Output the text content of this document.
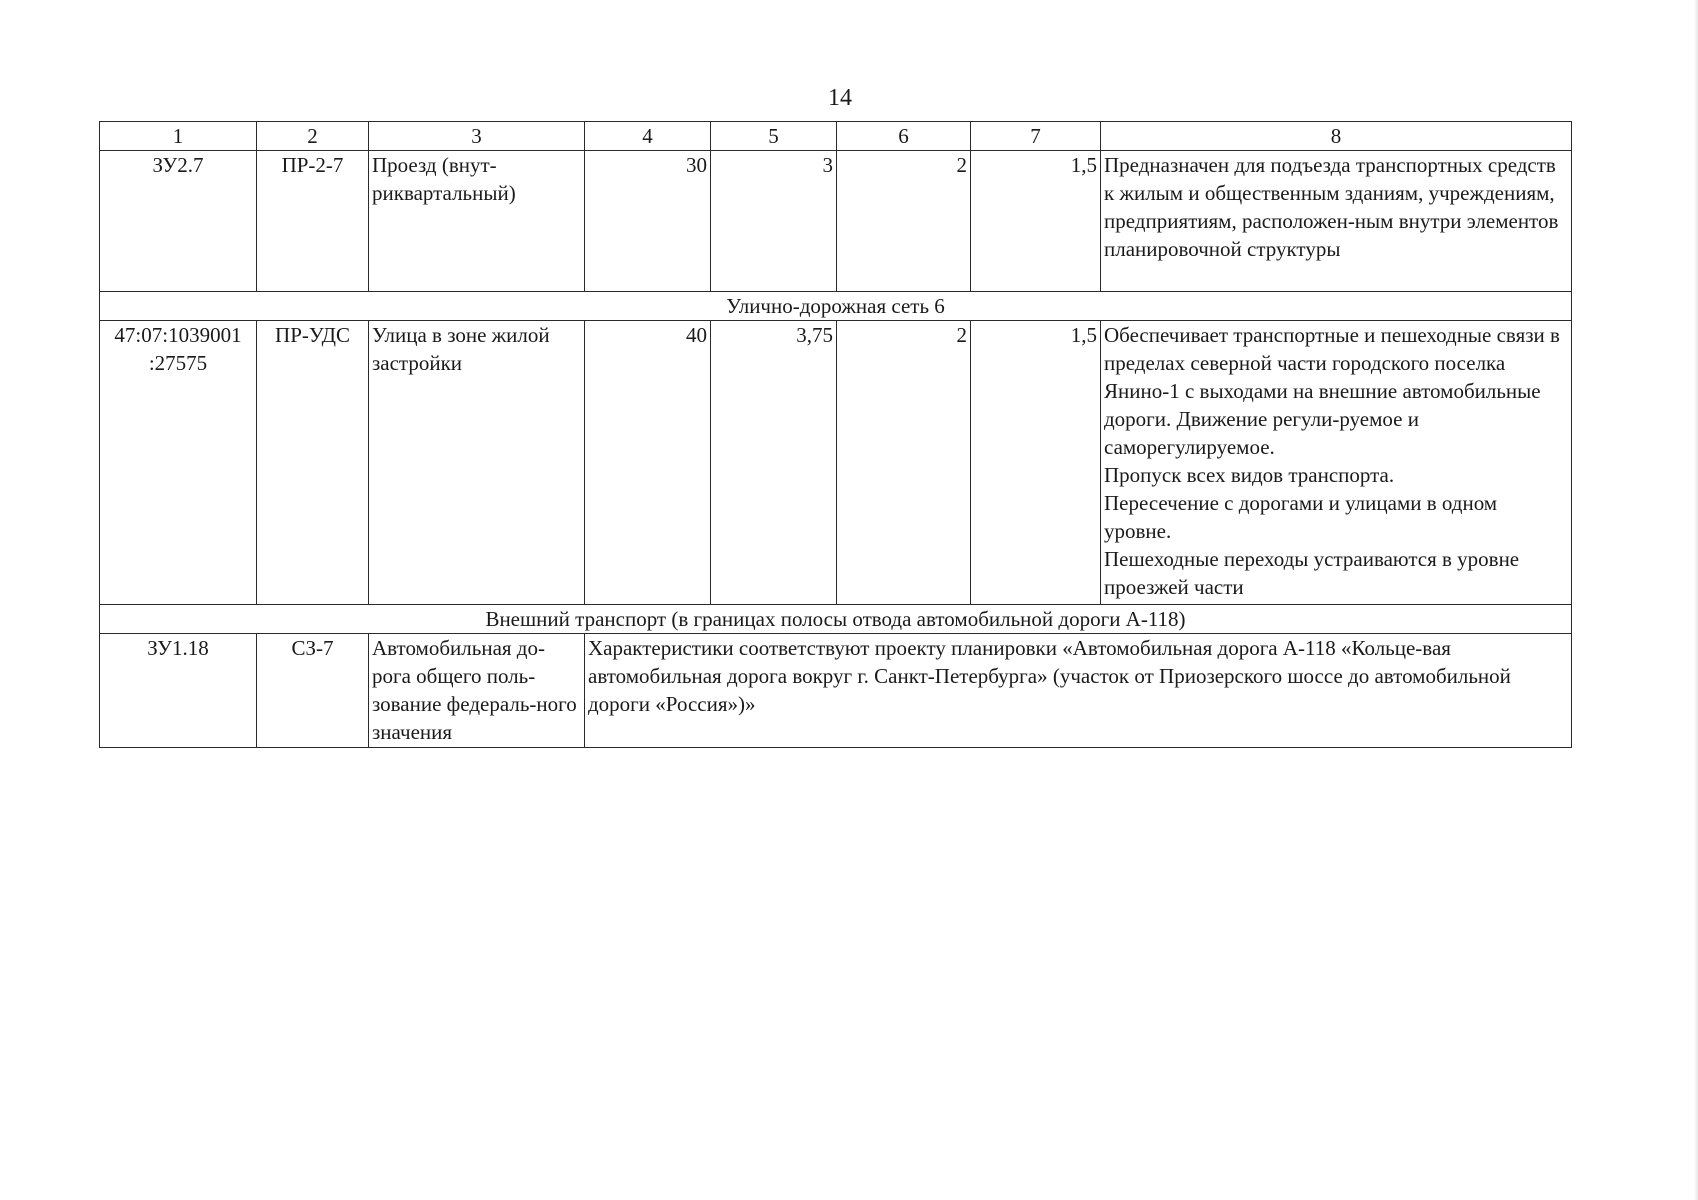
14
1	2	3	4	5	6	7	8
ЗУ2.7	ПР-2-7	Проезд (внут-риквартальный)	30	3	2	1,5	Предназначен для подъезда транспортных средств к жилым и общественным зданиям, учреждениям, предприятиям, расположен-ным внутри элементов планировочной структуры
Улично-дорожная сеть 6							
47:07:1039001 :27575	ПР-УДС	Улица в зоне жилой застройки	40	3,75	2	1,5	Обеспечивает транспортные и пешеходные связи в пределах северной части городского поселка Янино-1 с выходами на внешние автомобильные дороги. Движение регули-руемое и саморегулируемое.
Пропуск всех видов транспорта.
Пересечение с дорогами и улицами в одном уровне.
Пешеходные переходы устраиваются в уровне проезжей части

Внешний транспорт (в границах полосы отвода автомобильной дороги А-118)							
ЗУ1.18	СЗ-7	Автомобильная до-рога общего поль-зование федераль-ного значения	Характеристики соответствуют проекту планировки «Автомобильная дорога А-118 «Кольце-вая автомобильная дорога вокруг г. Санкт-Петербурга» (участок от Приозерского шоссе до автомобильной дороги «Россия»)»				
